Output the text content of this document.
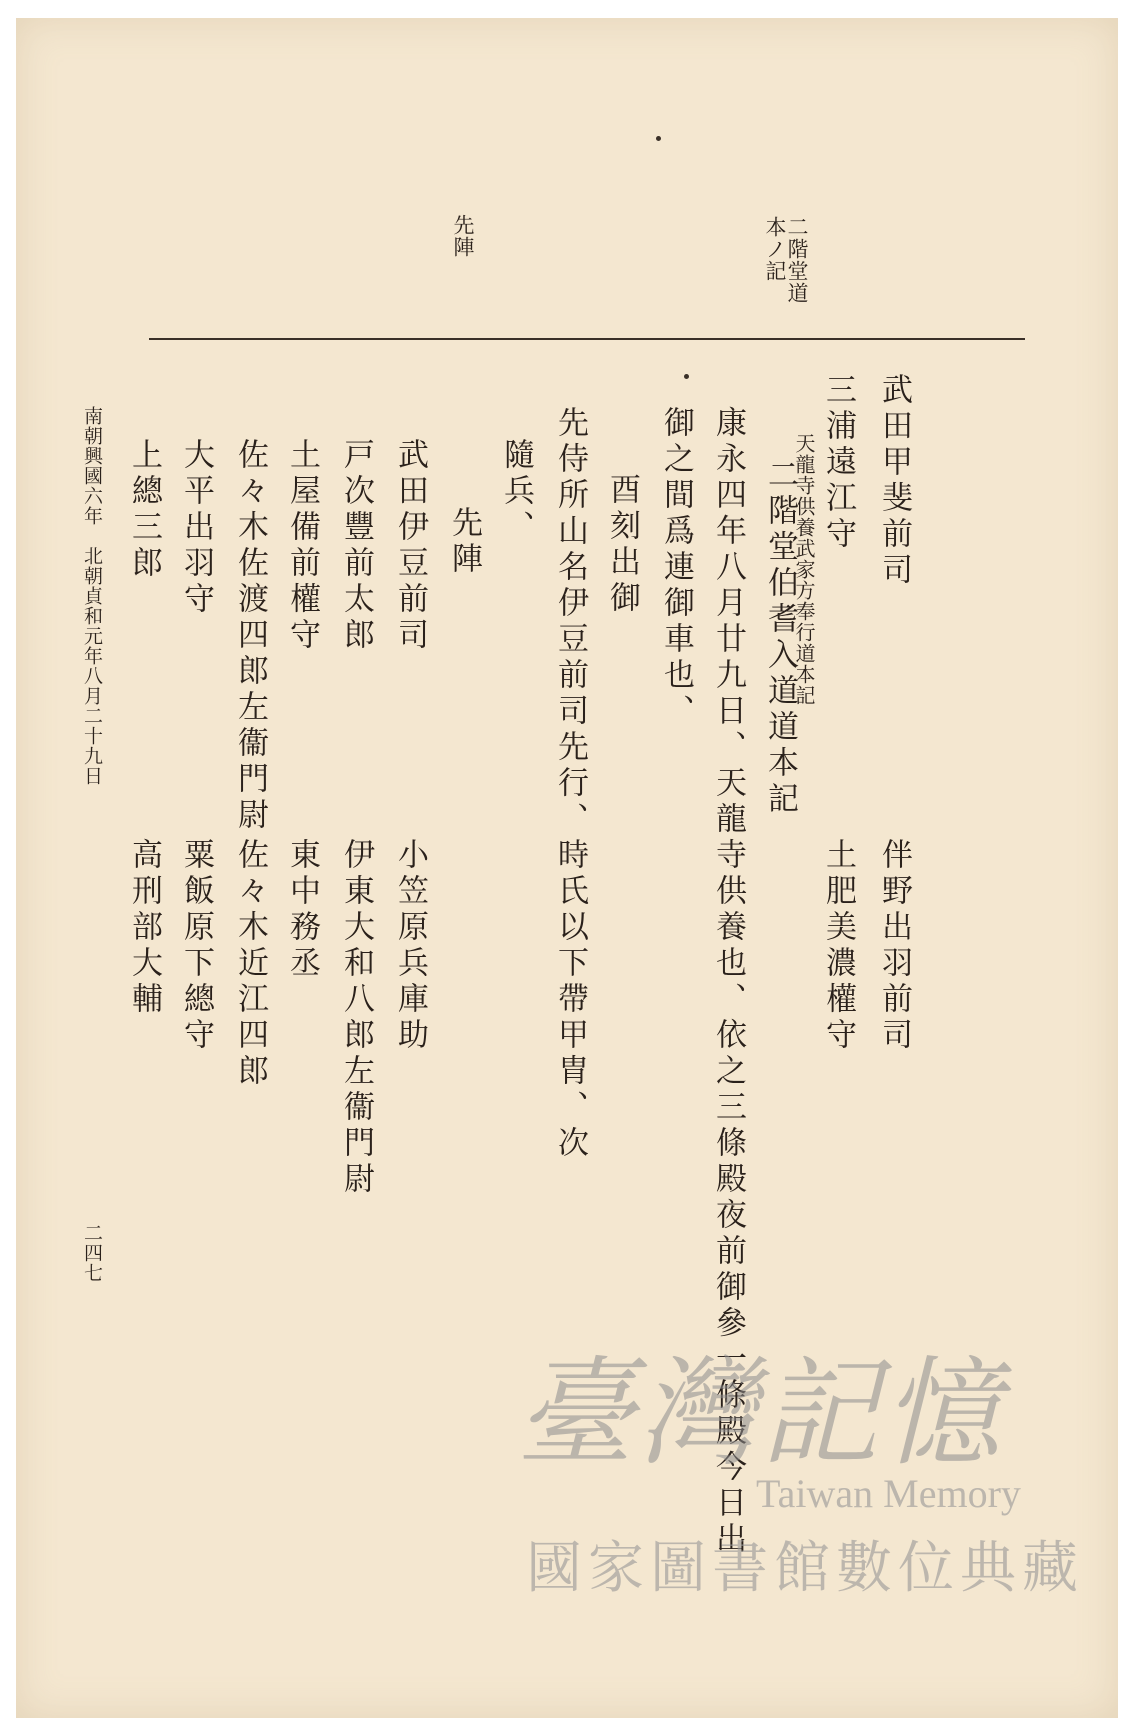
先陣	二階堂道
本ノ記
武田甲斐前司
伴野出羽前司
三浦遠江守
土肥美濃權守
天龍寺供養武家方奉行道本記
二階堂伯耆入道道本記
康永四年八月廿九日、天龍寺供養也、依之三條殿夜前御參一條殿今日出
御之間爲連御車也、
酉刻出御
先侍所山名伊豆前司先行、時氏以下帶甲胄、次
隨兵、
先陣
武田伊豆前司
小笠原兵庫助
戸次豐前太郎
伊東大和八郎左衞門尉
土屋備前權守
東中務丞
佐々木佐渡四郎左衞門尉
佐々木近江四郎
大平出羽守
粟飯原下總守
上總三郎
高刑部大輔
南朝興國六年　北朝貞和元年八月二十九日
二四七
臺灣記憶
Taiwan Memory
國家圖書館數位典藏
